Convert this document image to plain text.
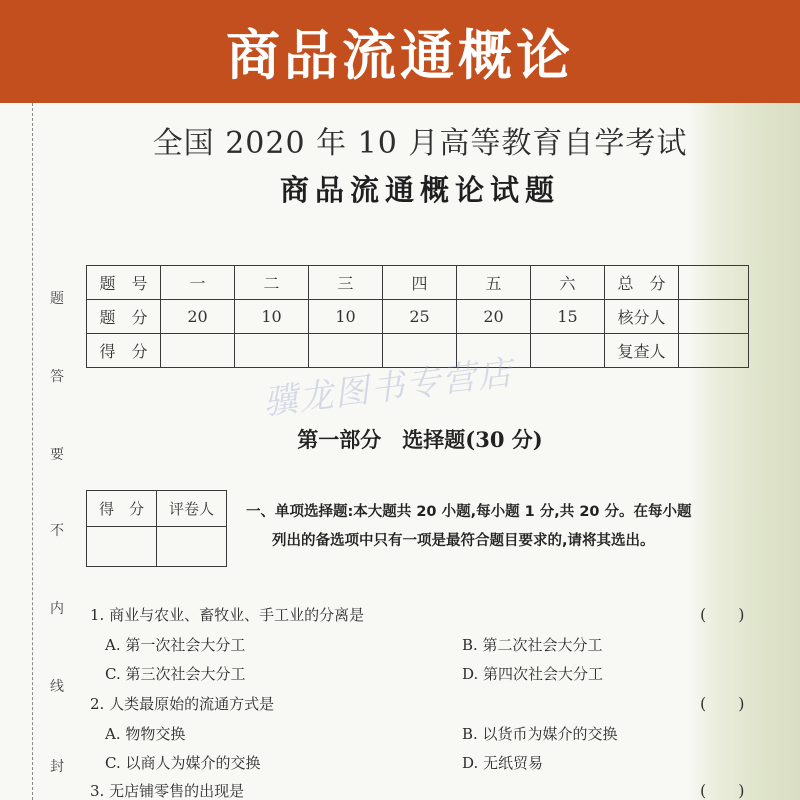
商品流通概论
题
答
要
不
内
线
封
全国 2020 年 10 月高等教育自学考试
商品流通概论试题
题　号	一	二	三	四	五	六	总　分	
题　分	20	10	10	25	20	15	核分人	
得　分							复查人	
骥龙图书专营店
第一部分　选择题(30 分)
得　分	评卷人
	一、单项选择题:本大题共 20 小题,每小题 1 分,共 20 分。在每小题
列出的备选项中只有一项是最符合题目要求的,请将其选出。
1. 商业与农业、畜牧业、手工业的分离是	(　　)
A. 第一次社会大分工	B. 第二次社会大分工
C. 第三次社会大分工	D. 第四次社会大分工
2. 人类最原始的流通方式是	(　　)
A. 物物交换	B. 以货币为媒介的交换
C. 以商人为媒介的交换	D. 无纸贸易
3. 无店铺零售的出现是	(　　)
